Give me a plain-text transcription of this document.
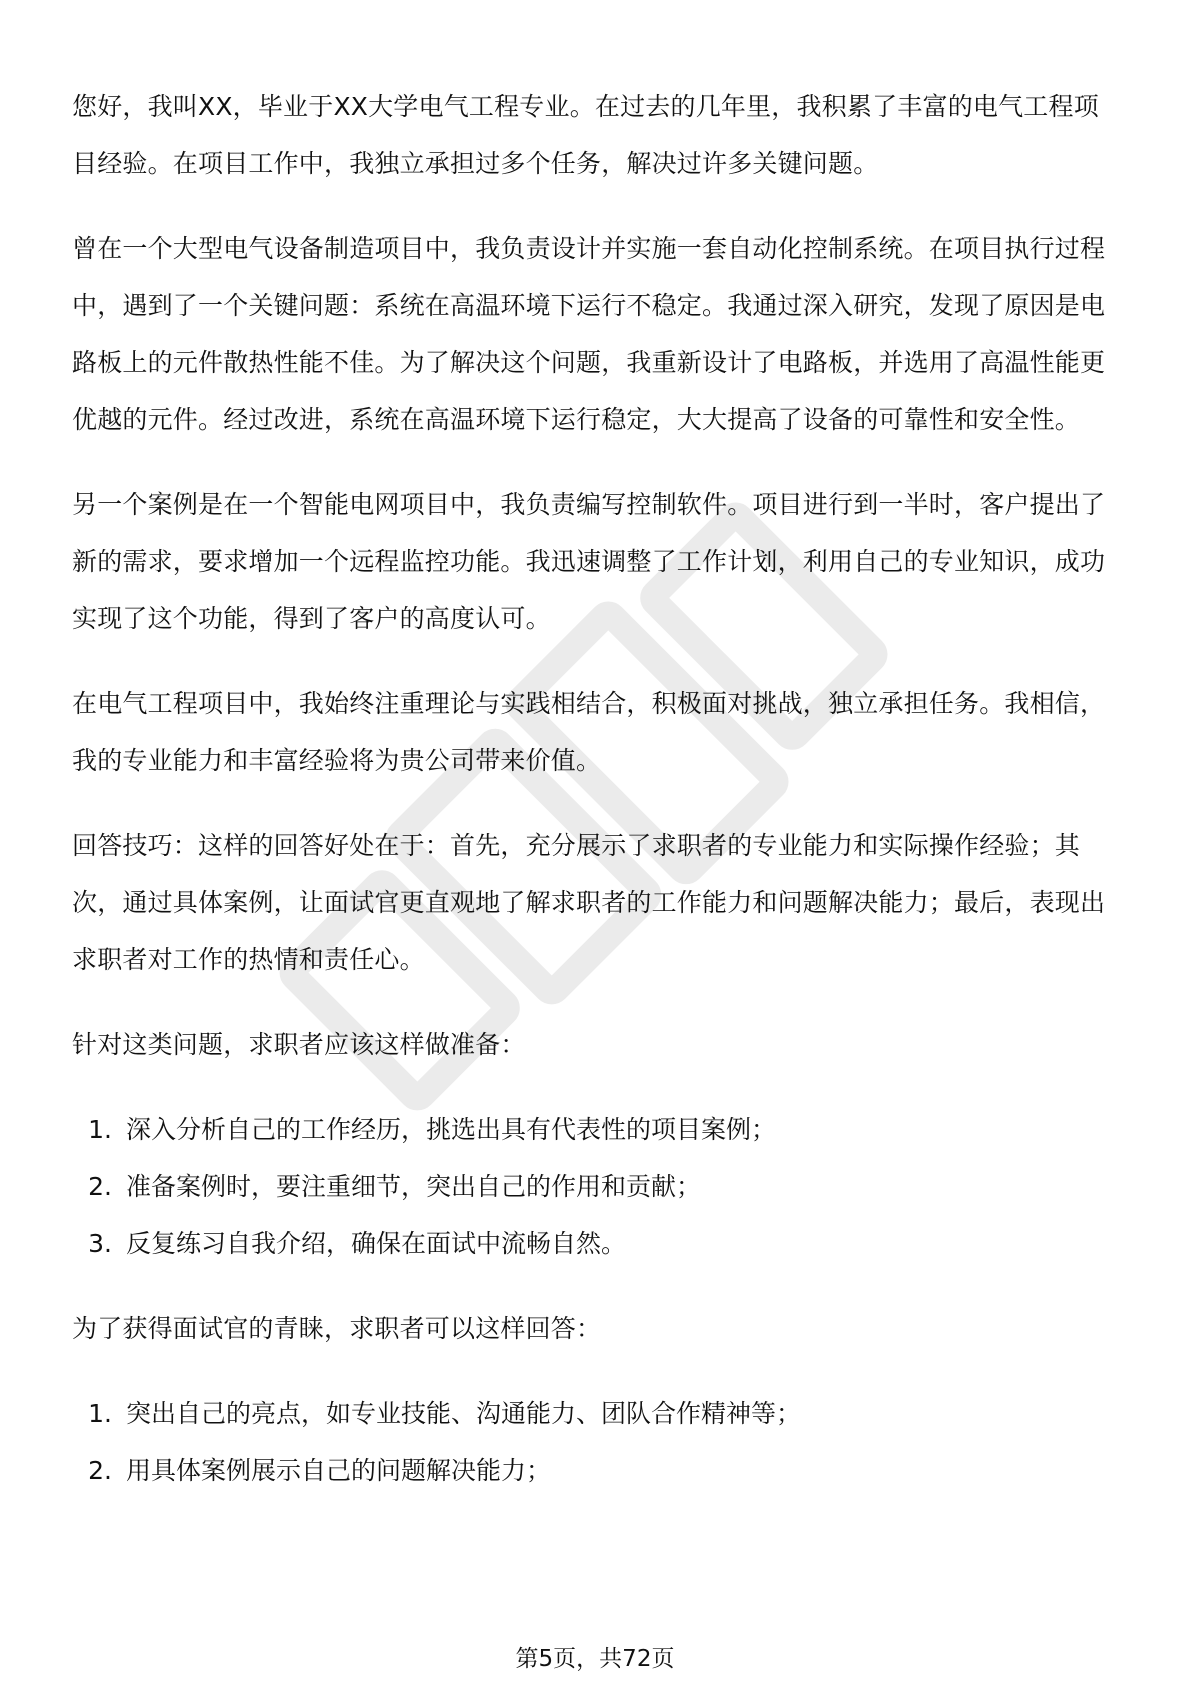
您好，我叫XX，毕业于XX大学电气工程专业。在过去的几年里，我积累了丰富的电气工程项目经验。在项目工作中，我独立承担过多个任务，解决过许多关键问题。

曾在一个大型电气设备制造项目中，我负责设计并实施一套自动化控制系统。在项目执行过程中，遇到了一个关键问题：系统在高温环境下运行不稳定。我通过深入研究，发现了原因是电路板上的元件散热性能不佳。为了解决这个问题，我重新设计了电路板，并选用了高温性能更优越的元件。经过改进，系统在高温环境下运行稳定，大大提高了设备的可靠性和安全性。

另一个案例是在一个智能电网项目中，我负责编写控制软件。项目进行到一半时，客户提出了新的需求，要求增加一个远程监控功能。我迅速调整了工作计划，利用自己的专业知识，成功实现了这个功能，得到了客户的高度认可。

在电气工程项目中，我始终注重理论与实践相结合，积极面对挑战，独立承担任务。我相信，我的专业能力和丰富经验将为贵公司带来价值。

回答技巧：这样的回答好处在于：首先，充分展示了求职者的专业能力和实际操作经验；其次，通过具体案例，让面试官更直观地了解求职者的工作能力和问题解决能力；最后，表现出求职者对工作的热情和责任心。

针对这类问题，求职者应该这样做准备：

1. 深入分析自己的工作经历，挑选出具有代表性的项目案例；
2. 准备案例时，要注重细节，突出自己的作用和贡献；
3. 反复练习自我介绍，确保在面试中流畅自然。

为了获得面试官的青睐，求职者可以这样回答：

1. 突出自己的亮点，如专业技能、沟通能力、团队合作精神等；
2. 用具体案例展示自己的问题解决能力；
第5页，共72页
